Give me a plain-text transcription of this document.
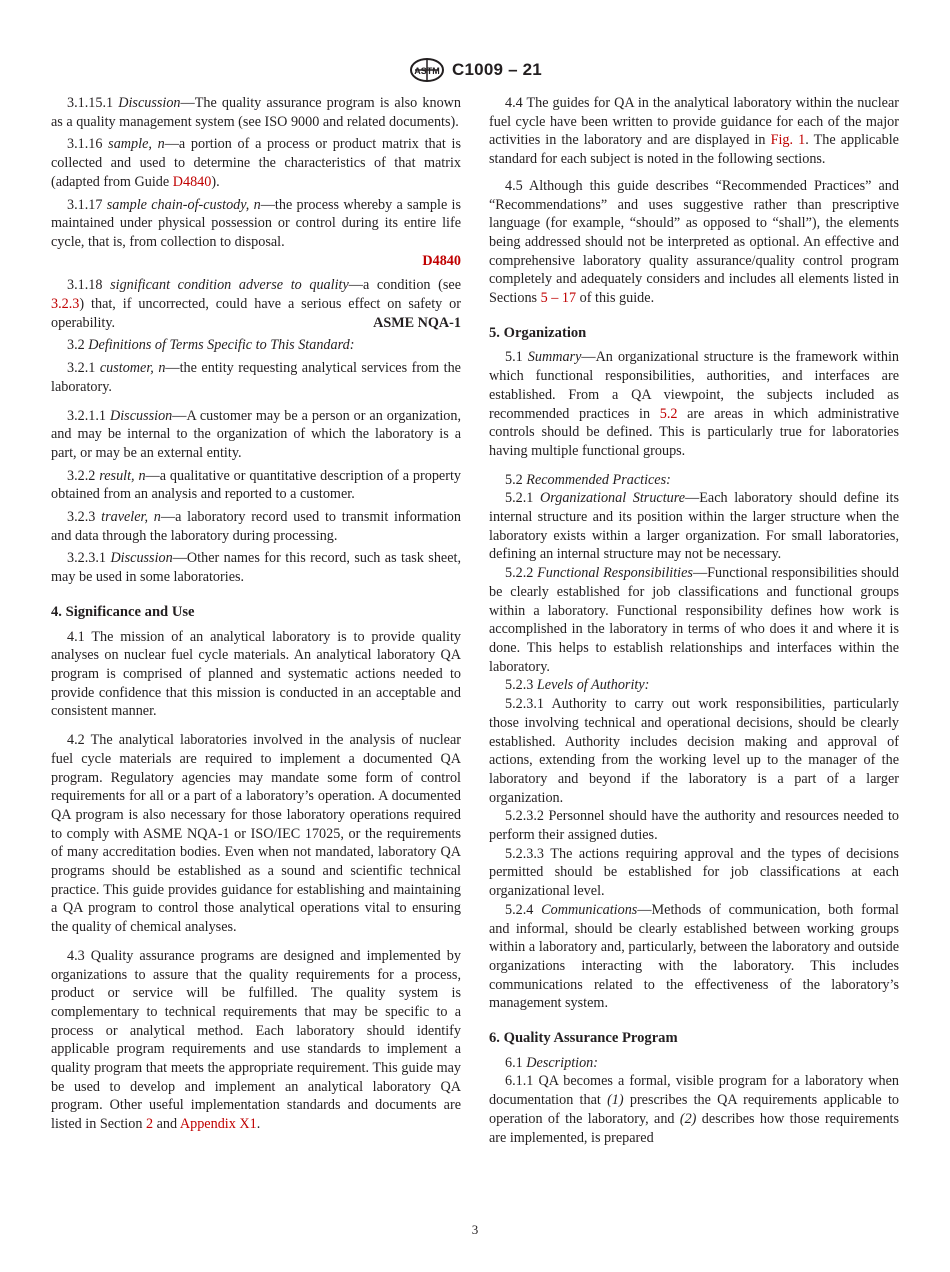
ASTM C1009 – 21

3.1.15.1 Discussion—The quality assurance program is also known as a quality management system (see ISO 9000 and related documents).

3.1.16 sample, n—a portion of a process or product matrix that is collected and used to determine the characteristics of that matrix (adapted from Guide D4840).

3.1.17 sample chain-of-custody, n—the process whereby a sample is maintained under physical possession or control during its entire life cycle, that is, from collection to disposal.

D4840

3.1.18 significant condition adverse to quality—a condition (see 3.2.3) that, if uncorrected, could have a serious effect on safety or operability.	ASME NQA-1

3.2 Definitions of Terms Specific to This Standard:

3.2.1 customer, n—the entity requesting analytical services from the laboratory.

3.2.1.1 Discussion—A customer may be a person or an organization, and may be internal to the organization of which the laboratory is a part, or may be an external entity.

3.2.2 result, n—a qualitative or quantitative description of a property obtained from an analysis and reported to a customer.

3.2.3 traveler, n—a laboratory record used to transmit information and data through the laboratory during processing.

3.2.3.1 Discussion—Other names for this record, such as task sheet, may be used in some laboratories.

4. Significance and Use

4.1 The mission of an analytical laboratory is to provide quality analyses on nuclear fuel cycle materials. An analytical laboratory QA program is comprised of planned and systematic actions needed to provide confidence that this mission is conducted in an acceptable and consistent manner.

4.2 The analytical laboratories involved in the analysis of nuclear fuel cycle materials are required to implement a documented QA program. Regulatory agencies may mandate some form of control requirements for all or a part of a laboratory’s operation. A documented QA program is also necessary for those laboratory operations required to comply with ASME NQA-1 or ISO/IEC 17025, or the requirements of many accreditation bodies. Even when not mandated, laboratory QA programs should be established as a sound and scientific technical practice. This guide provides guidance for establishing and maintaining a QA program to control those analytical operations vital to ensuring the quality of chemical analyses.

4.3 Quality assurance programs are designed and implemented by organizations to assure that the quality requirements for a process, product or service will be fulfilled. The quality system is complementary to technical requirements that may be specific to a process or analytical method. Each laboratory should identify applicable program requirements and use standards to implement a quality program that meets the appropriate requirement. This guide may be used to develop and implement an analytical laboratory QA program. Other useful implementation standards and documents are listed in Section 2 and Appendix X1.

4.4 The guides for QA in the analytical laboratory within the nuclear fuel cycle have been written to provide guidance for each of the major activities in the laboratory and are displayed in Fig. 1. The applicable standard for each subject is noted in the following sections.

4.5 Although this guide describes “Recommended Practices” and “Recommendations” and uses suggestive rather than prescriptive language (for example, “should” as opposed to “shall”), the elements being addressed should not be interpreted as optional. An effective and comprehensive laboratory quality assurance/quality control program completely and adequately considers and includes all elements listed in Sections 5 – 17 of this guide.

5. Organization

5.1 Summary—An organizational structure is the framework within which functional responsibilities, authorities, and interfaces are established. From a QA viewpoint, the subjects included as recommended practices in 5.2 are areas in which administrative controls should be defined. This is particularly true for laboratories having multiple functional groups.

5.2 Recommended Practices:

5.2.1 Organizational Structure—Each laboratory should define its internal structure and its position within the larger structure when the laboratory exists within a larger organization. For small laboratories, defining an internal structure may not be necessary.

5.2.2 Functional Responsibilities—Functional responsibilities should be clearly established for job classifications and functional groups within a laboratory. Functional responsibility defines how work is accomplished in the laboratory in terms of who does it and where it is done. This helps to establish relationships and interfaces within the laboratory.

5.2.3 Levels of Authority:

5.2.3.1 Authority to carry out work responsibilities, particularly those involving technical and operational decisions, should be clearly established. Authority includes decision making and approval of actions, extending from the working level up to the manager of the laboratory and beyond if the laboratory is a part of a larger organization.

5.2.3.2 Personnel should have the authority and resources needed to perform their assigned duties.

5.2.3.3 The actions requiring approval and the types of decisions permitted should be established for job classifications at each organizational level.

5.2.4 Communications—Methods of communication, both formal and informal, should be clearly established between working groups within a laboratory and, particularly, between the laboratory and outside organizations interacting with the laboratory. This includes communications related to the effectiveness of the laboratory’s management system.

6. Quality Assurance Program

6.1 Description:

6.1.1 QA becomes a formal, visible program for a laboratory when documentation that (1) prescribes the QA requirements applicable to operation of the laboratory, and (2) describes how those requirements are implemented, is prepared

3
